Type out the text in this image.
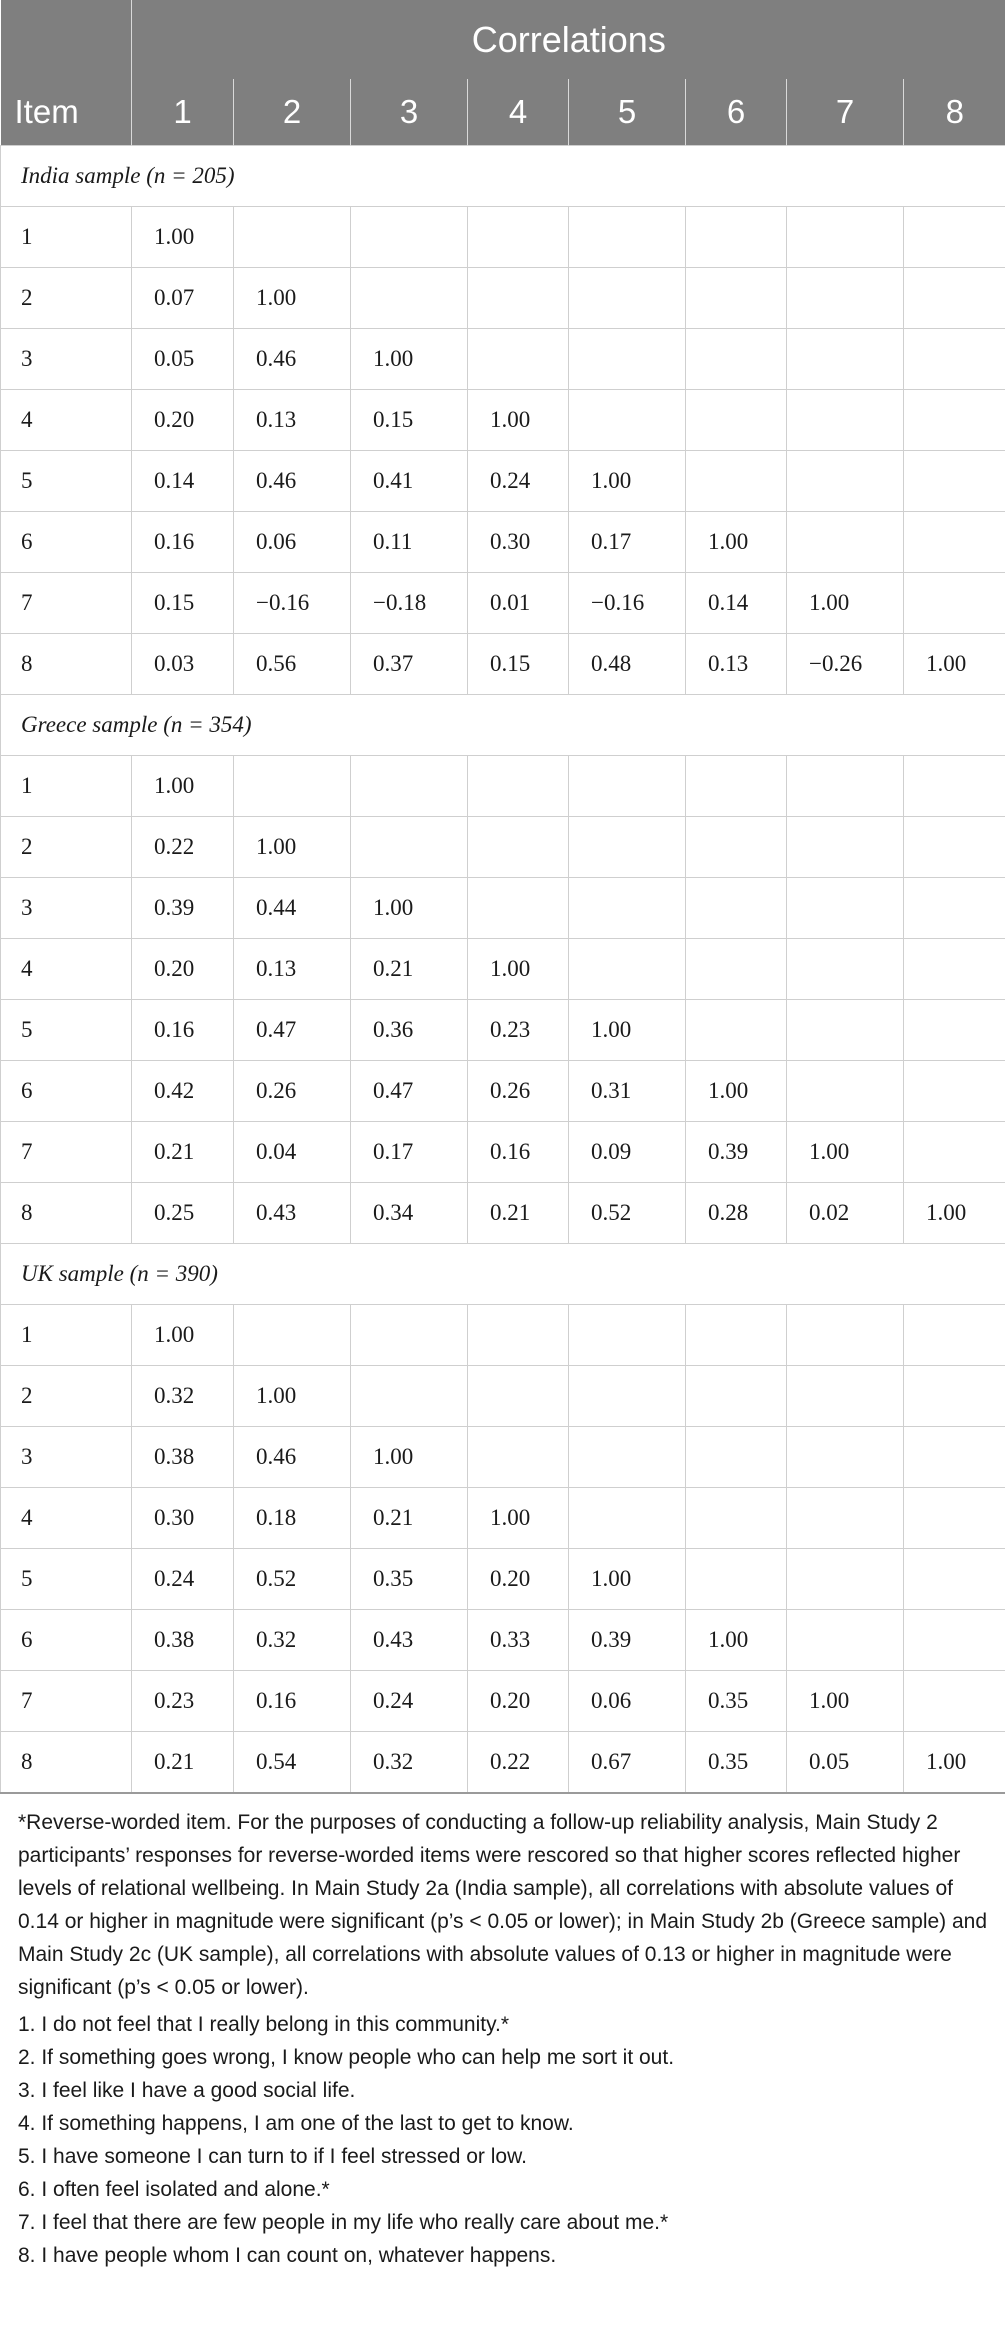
	Correlations							
Item	1	2	3	4	5	6	7	8
India sample (n = 205)								
1	1.00							
2	0.07	1.00						
3	0.05	0.46	1.00					
4	0.20	0.13	0.15	1.00				
5	0.14	0.46	0.41	0.24	1.00			
6	0.16	0.06	0.11	0.30	0.17	1.00		
7	0.15	−0.16	−0.18	0.01	−0.16	0.14	1.00	
8	0.03	0.56	0.37	0.15	0.48	0.13	−0.26	1.00
Greece sample (n = 354)								
1	1.00							
2	0.22	1.00						
3	0.39	0.44	1.00					
4	0.20	0.13	0.21	1.00				
5	0.16	0.47	0.36	0.23	1.00			
6	0.42	0.26	0.47	0.26	0.31	1.00		
7	0.21	0.04	0.17	0.16	0.09	0.39	1.00	
8	0.25	0.43	0.34	0.21	0.52	0.28	0.02	1.00
UK sample (n = 390)								
1	1.00							
2	0.32	1.00						
3	0.38	0.46	1.00					
4	0.30	0.18	0.21	1.00				
5	0.24	0.52	0.35	0.20	1.00			
6	0.38	0.32	0.43	0.33	0.39	1.00		
7	0.23	0.16	0.24	0.20	0.06	0.35	1.00	
8	0.21	0.54	0.32	0.22	0.67	0.35	0.05	1.00

*Reverse-worded item. For the purposes of conducting a follow-up reliability analysis, Main Study 2 participants’ responses for reverse-worded items were rescored so that higher scores reflected higher levels of relational wellbeing. In Main Study 2a (India sample), all correlations with absolute values of 0.14 or higher in magnitude were significant (p’s < 0.05 or lower); in Main Study 2b (Greece sample) and Main Study 2c (UK sample), all correlations with absolute values of 0.13 or higher in magnitude were significant (p’s < 0.05 or lower).

1. I do not feel that I really belong in this community.*

2. If something goes wrong, I know people who can help me sort it out.

3. I feel like I have a good social life.

4. If something happens, I am one of the last to get to know.

5. I have someone I can turn to if I feel stressed or low.

6. I often feel isolated and alone.*

7. I feel that there are few people in my life who really care about me.*

8. I have people whom I can count on, whatever happens.
